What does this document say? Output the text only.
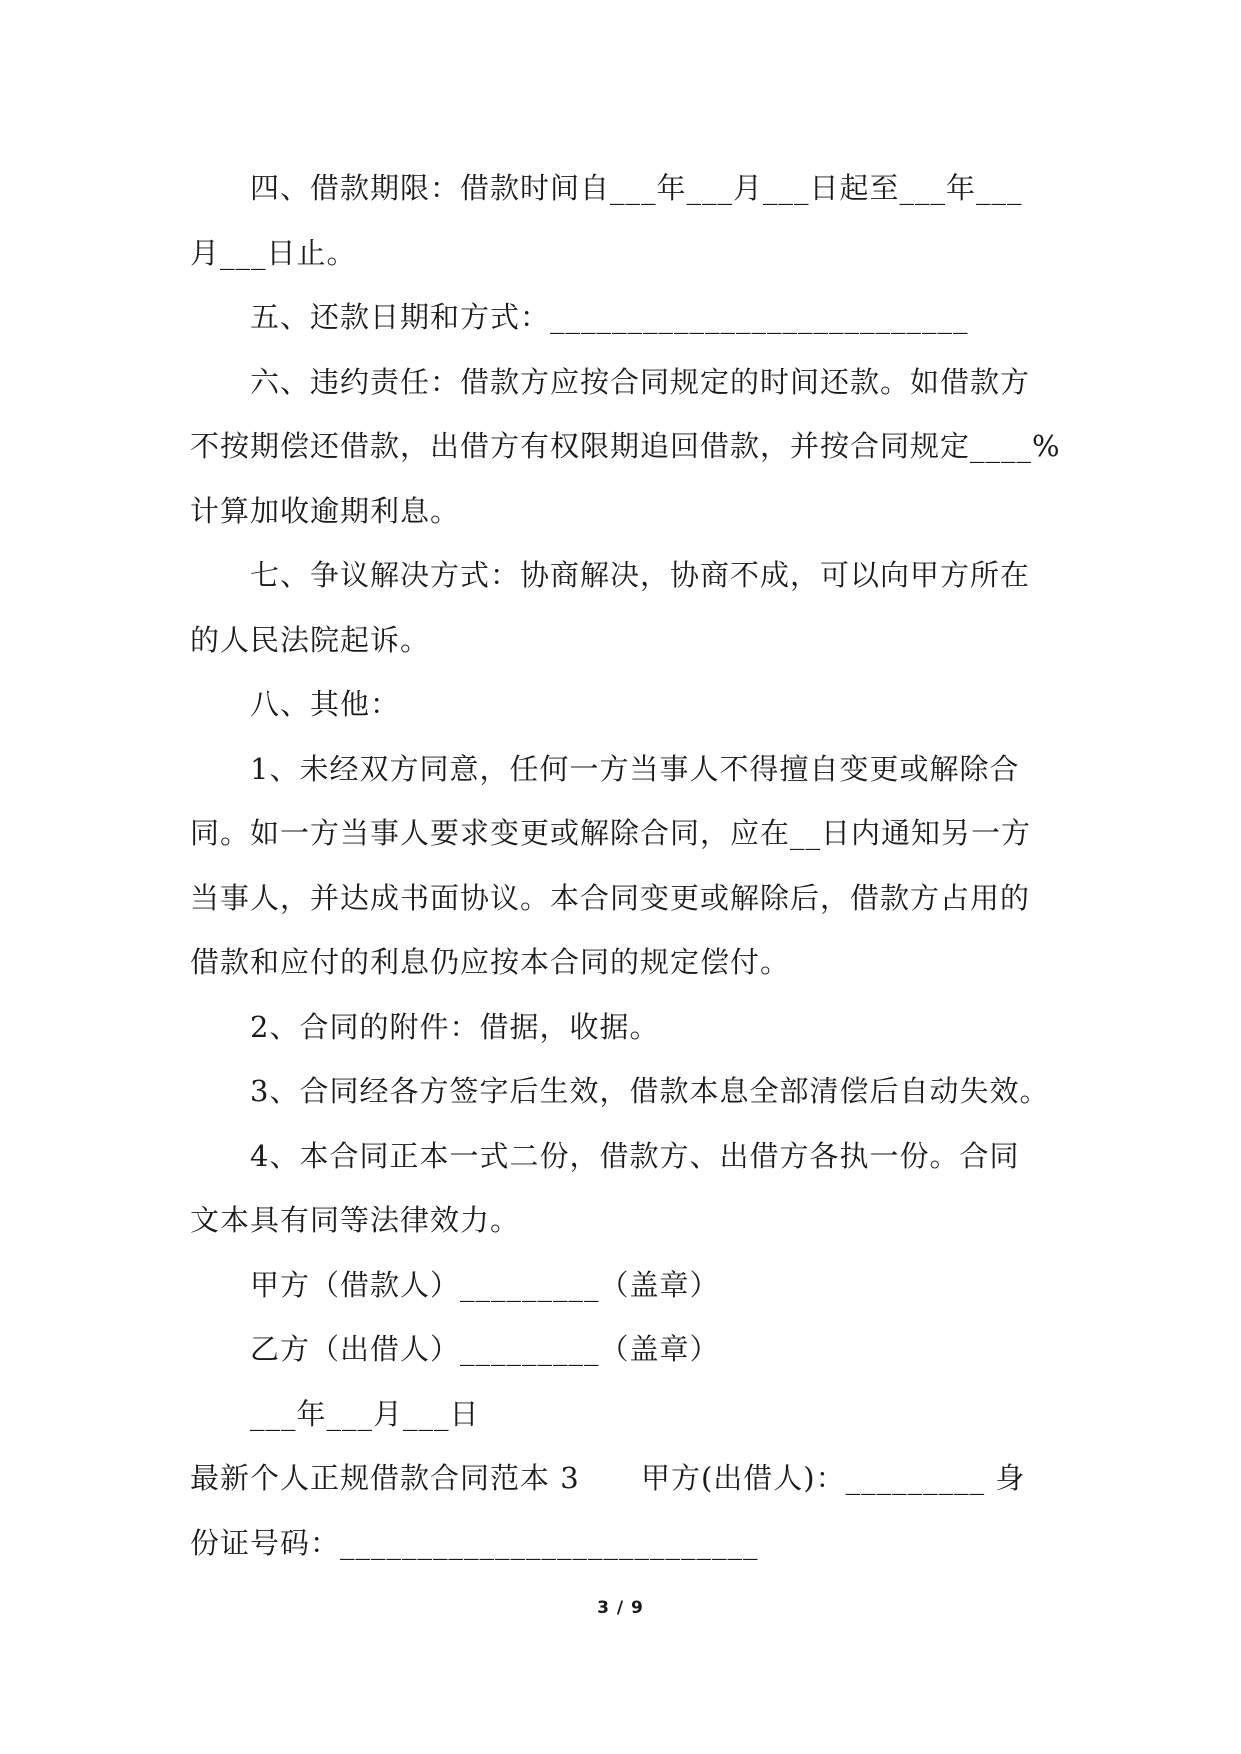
四、借款期限：借款时间自___年___月___日起至___年___
月___日止。
五、还款日期和方式：___________________________
六、违约责任：借款方应按合同规定的时间还款。如借款方
不按期偿还借款，出借方有权限期追回借款，并按合同规定____%
计算加收逾期利息。
七、争议解决方式：协商解决，协商不成，可以向甲方所在
的人民法院起诉。
八、其他：
1、未经双方同意，任何一方当事人不得擅自变更或解除合
同。如一方当事人要求变更或解除合同，应在__日内通知另一方
当事人，并达成书面协议。本合同变更或解除后，借款方占用的
借款和应付的利息仍应按本合同的规定偿付。
2、合同的附件：借据，收据。
3、合同经各方签字后生效，借款本息全部清偿后自动失效。
4、本合同正本一式二份，借款方、出借方各执一份。合同
文本具有同等法律效力。
甲方（借款人）_________（盖章）
乙方（出借人）_________（盖章）
___年___月___日
最新个人正规借款合同范本 3      甲方(出借人)：_________ 身
份证号码：___________________________
3 / 9
